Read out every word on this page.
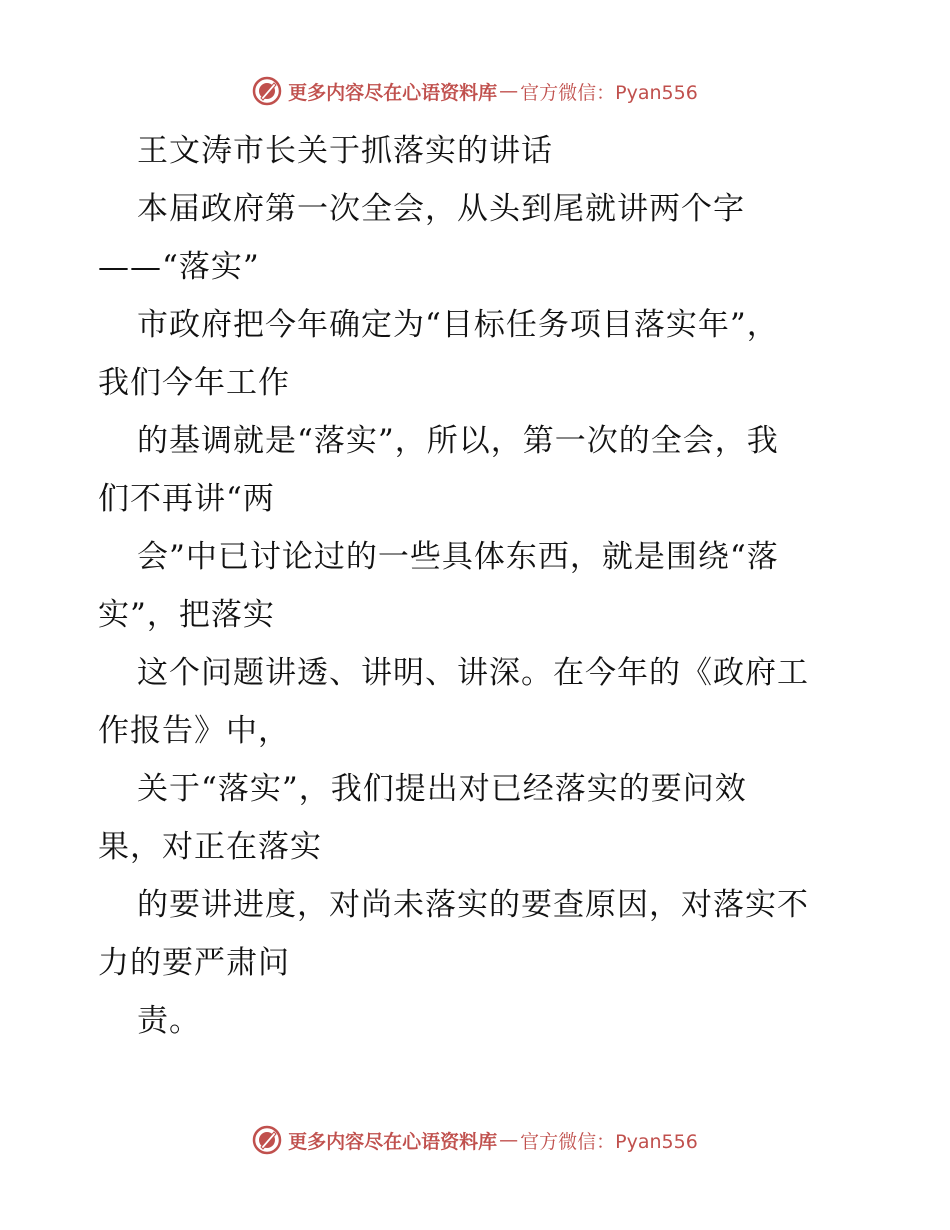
更多内容尽在心语资料库 — 官方微信：Pyan556
王文涛市长关于抓落实的讲话
本届政府第一次全会，从头到尾就讲两个字
——“落实”
市政府把今年确定为“目标任务项目落实年”，
我们今年工作
的基调就是“落实”，所以，第一次的全会，我
们不再讲“两
会”中已讨论过的一些具体东西，就是围绕“落
实”，把落实
这个问题讲透、讲明、讲深。在今年的《政府工
作报告》中，
关于“落实”，我们提出对已经落实的要问效
果，对正在落实
的要讲进度，对尚未落实的要查原因，对落实不
力的要严肃问
责。
更多内容尽在心语资料库 — 官方微信：Pyan556
